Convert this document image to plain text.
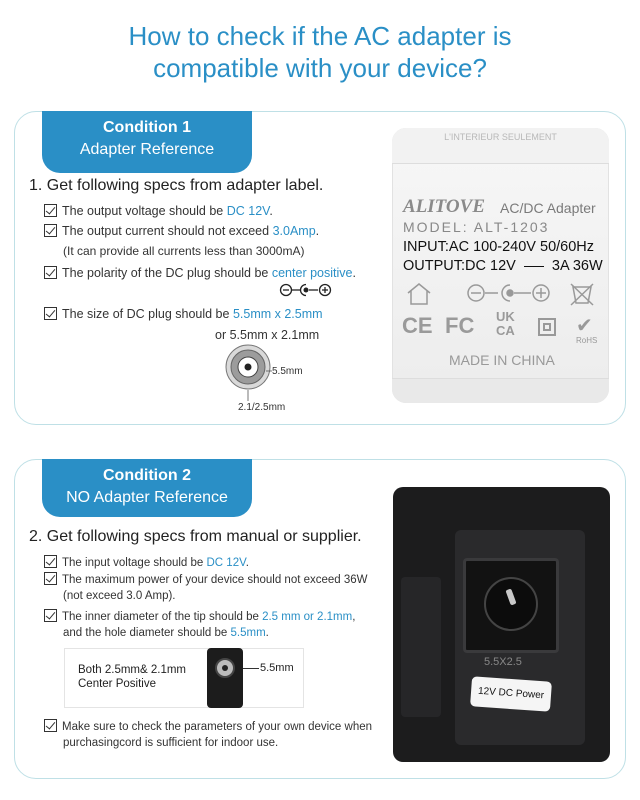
How to check if the AC adapter is
compatible with your device?
Condition 1
Adapter Reference
1. Get following specs from adapter label.
The output voltage should be DC 12V.
The output current should not exceed 3.0Amp.
(It can provide all currents less than 3000mA)
The polarity of the DC plug should be center positive.
The size of DC plug should be 5.5mm x 2.5mm
or 5.5mm x 2.1mm
5.5mm
2.1/2.5mm
L'INTERIEUR SEULEMENT
ALITOVE AC/DC Adapter
MODEL: ALT-1203
INPUT:AC 100-240V 50/60Hz
OUTPUT:DC 12V 3A 36W
CE FC UK CA	✔
RoHS
MADE IN CHINA
Condition 2
NO Adapter Reference
2. Get following specs from manual or supplier.
The input voltage should be DC 12V.
The maximum power of your device should not exceed 36W
(not exceed 3.0 Amp).
The inner diameter of the tip should be 2.5 mm or 2.1mm,
and the hole diameter should be 5.5mm.
Both 2.5mm& 2.1mm
Center Positive
5.5mm
Make sure to check the parameters of your own device when
purchasingcord is sufficient for indoor use.
5.5X2.5
12V DC Power
